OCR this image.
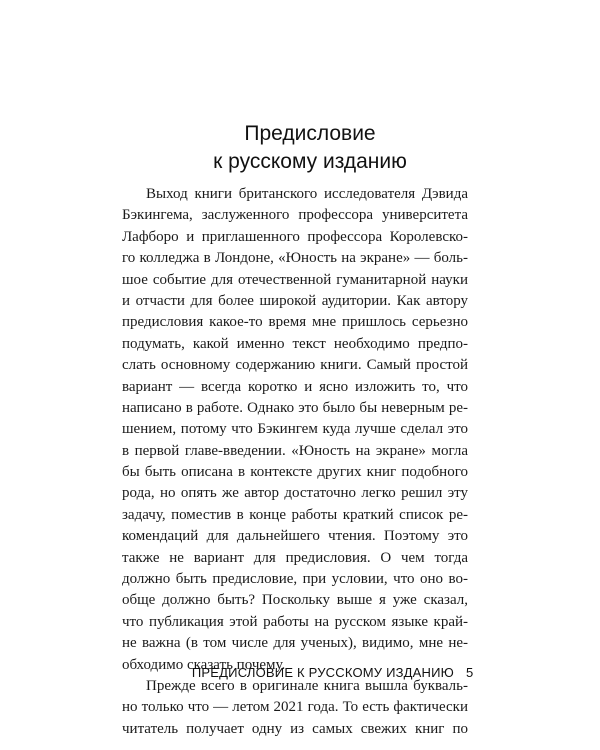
Предисловие
к русскому изданию
Выход книги британского исследователя Дэвида
Бэкингема, заслуженного профессора университета
Лафборо и приглашенного профессора Королевско-
го колледжа в Лондоне, «Юность на экране» — боль-
шое событие для отечественной гуманитарной науки
и отчасти для более широкой аудитории. Как автору
предисловия какое-то время мне пришлось серьезно
подумать, какой именно текст необходимо предпо-
слать основному содержанию книги. Самый простой
вариант — всегда коротко и ясно изложить то, что
написано в работе. Однако это было бы неверным ре-
шением, потому что Бэкингем куда лучше сделал это
в первой главе-введении. «Юность на экране» могла
бы быть описана в контексте других книг подобного
рода, но опять же автор достаточно легко решил эту
задачу, поместив в конце работы краткий список ре-
комендаций для дальнейшего чтения. Поэтому это
также не вариант для предисловия. О чем тогда
должно быть предисловие, при условии, что оно во-
обще должно быть? Поскольку выше я уже сказал,
что публикация этой работы на русском языке край-
не важна (в том числе для ученых), видимо, мне не-
обходимо сказать почему.
Прежде всего в оригинале книга вышла букваль-
но только что — летом 2021 года. То есть фактически
читатель получает одну из самых свежих книг по
ПРЕДИСЛОВИЕ К РУССКОМУ ИЗДАНИЮ 5
